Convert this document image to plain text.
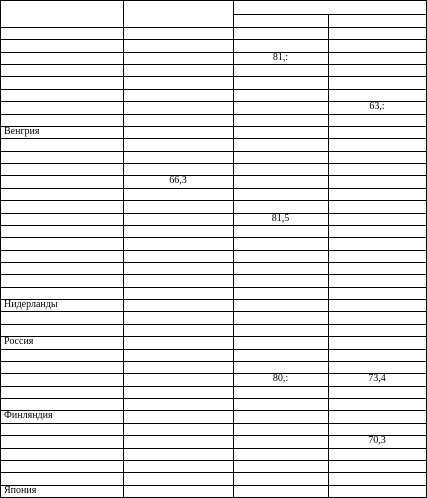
81,:
63,:
Венгрия
66,3
81,5
Нидерланды
Россия
80,:	73,4
Финляндия
70,3
Япония
